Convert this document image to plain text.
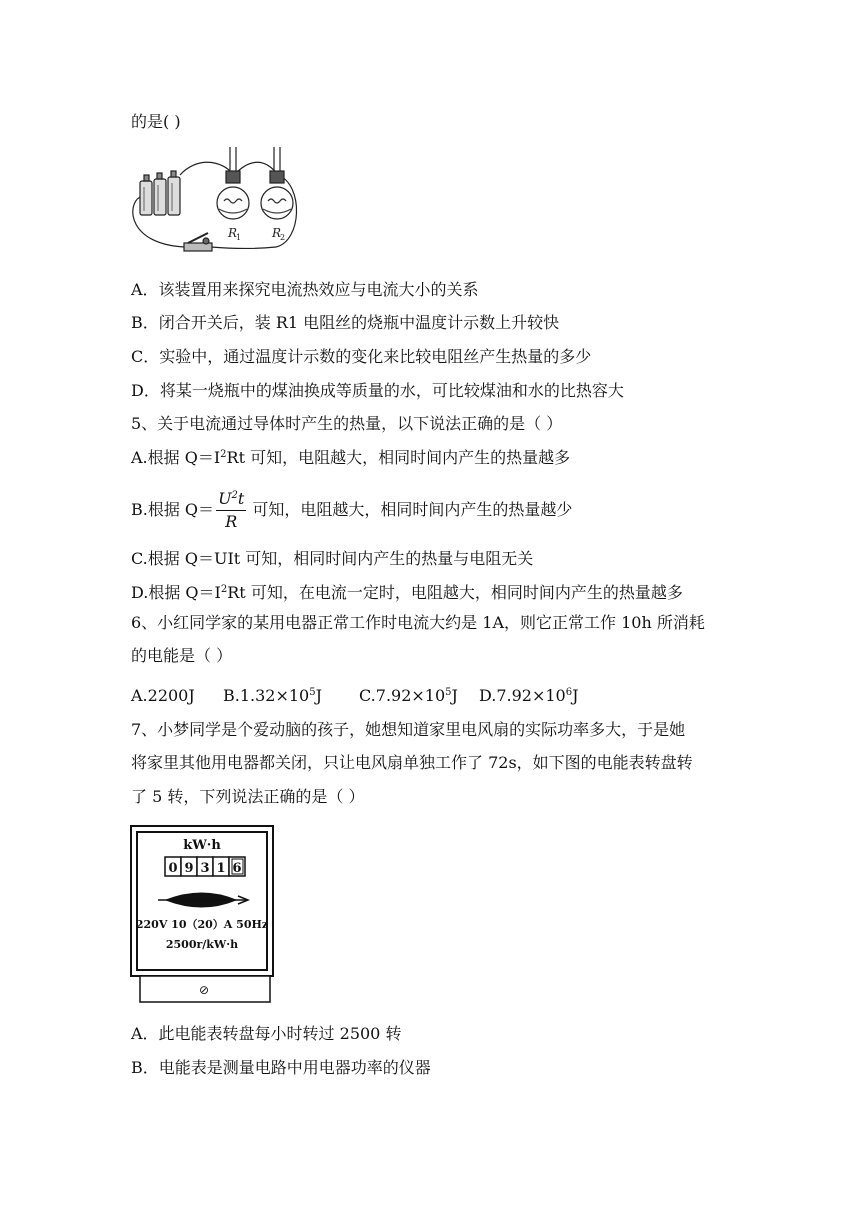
的是( )
R
1	R
2
A．该装置用来探究电流热效应与电流大小的关系
B．闭合开关后，装 R1 电阻丝的烧瓶中温度计示数上升较快
C．实验中，通过温度计示数的变化来比较电阻丝产生热量的多少
D．将某一烧瓶中的煤油换成等质量的水，可比较煤油和水的比热容大
5、关于电流通过导体时产生的热量，以下说法正确的是（ ）
A.根据 $Q=I^2Rt$ 可知，电阻越大，相同时间内产生的热量越多
B.根据 $Q= \frac{U^2t}{R}$ 可知，电阻越大，相同时间内产生的热量越少
C.根据 Q＝UIt 可知，相同时间内产生的热量与电阻无关
D.根据 $Q=I^2Rt$ 可知，在电流一定时，电阻越大，相同时间内产生的热量越多
6、小红同学家的某用电器正常工作时电流大约是 1A，则它正常工作 10h 所消耗
的电能是（ ）
A.2200J $B.1.32\times 10^5J$ $C.7.92\times 10^5J$ $D.7.92\times 10^6J$
7、小梦同学是个爱动脑的孩子，她想知道家里电风扇的实际功率多大，于是她
将家里其他用电器都关闭，只让电风扇单独工作了 72s，如下图的电能表转盘转
了 5 转，下列说法正确的是（ ）
kW·h
0 9 3 1 6
220V 10（20）A 50Hz
2500r/kW·h
⊘
A．此电能表转盘每小时转过 2500 转
B．电能表是测量电路中用电器功率的仪器
